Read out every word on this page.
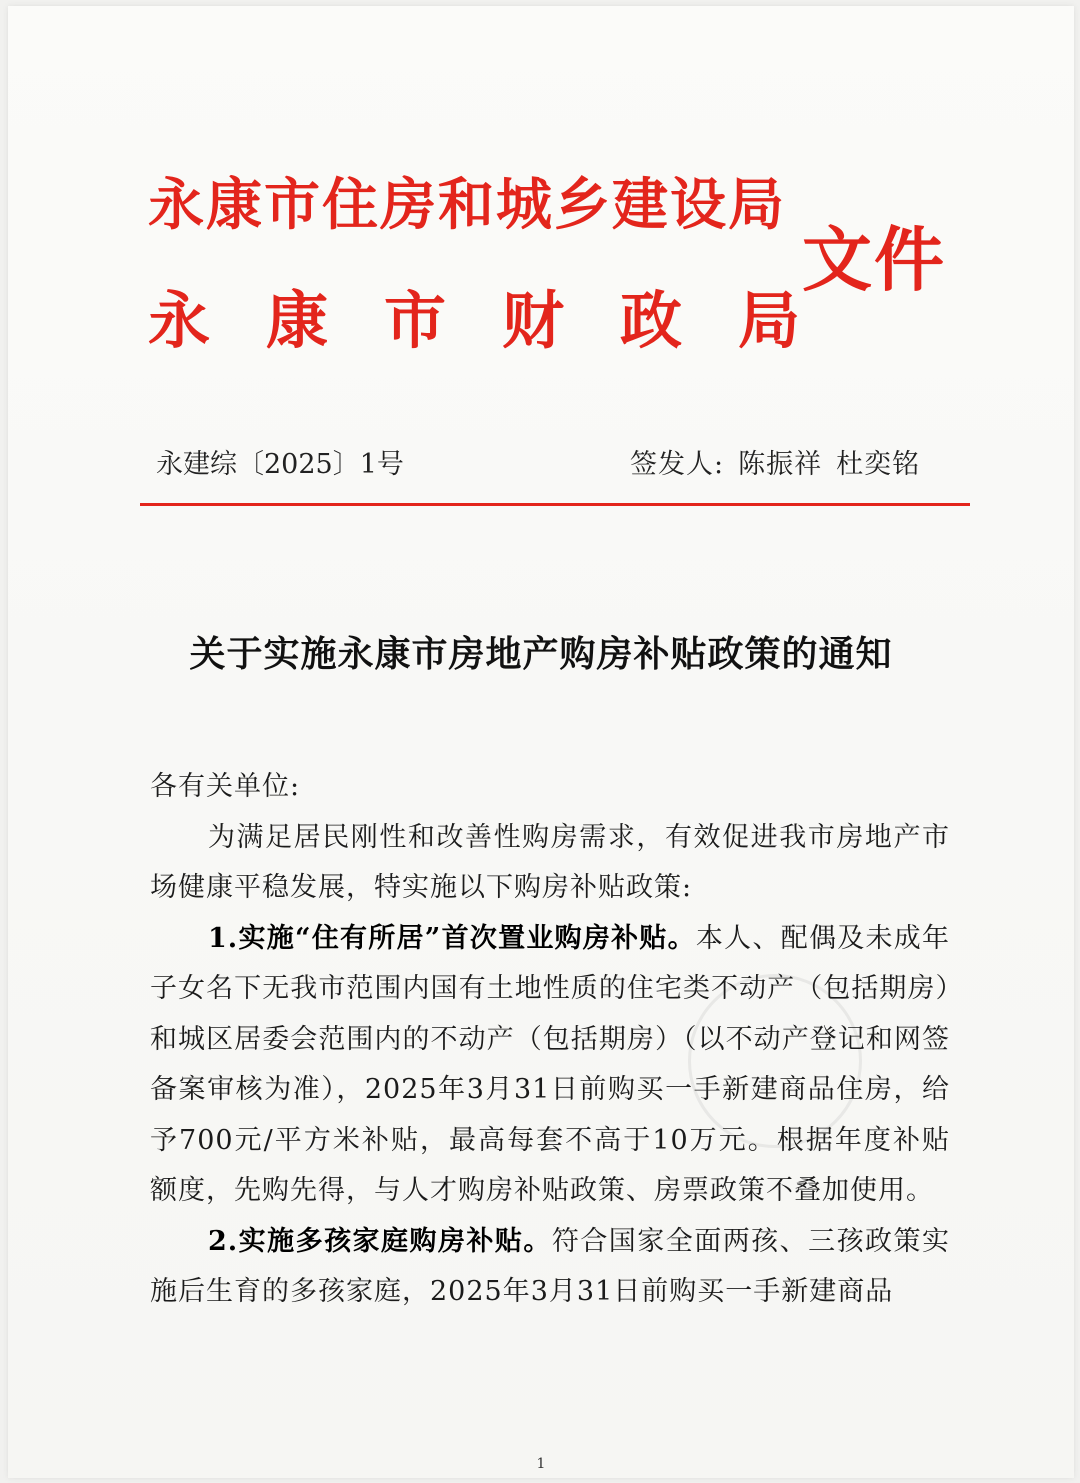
永康市住房和城乡建设局
永康市财政局
文件
永建综〔2025〕1号	签发人: 陈振祥 杜奕铭
关于实施永康市房地产购房补贴政策的通知

各有关单位:

为满足居民刚性和改善性购房需求，有效促进我市房地产市场健康平稳发展，特实施以下购房补贴政策:

1.实施“住有所居”首次置业购房补贴。本人、配偶及未成年子女名下无我市范围内国有土地性质的住宅类不动产（包括期房）和城区居委会范围内的不动产（包括期房）（以不动产登记和网签备案审核为准），2025年3月31日前购买一手新建商品住房，给予700元/平方米补贴，最高每套不高于10万元。根据年度补贴额度，先购先得，与人才购房补贴政策、房票政策不叠加使用。

2.实施多孩家庭购房补贴。符合国家全面两孩、三孩政策实施后生育的多孩家庭，2025年3月31日前购买一手新建商品

1
